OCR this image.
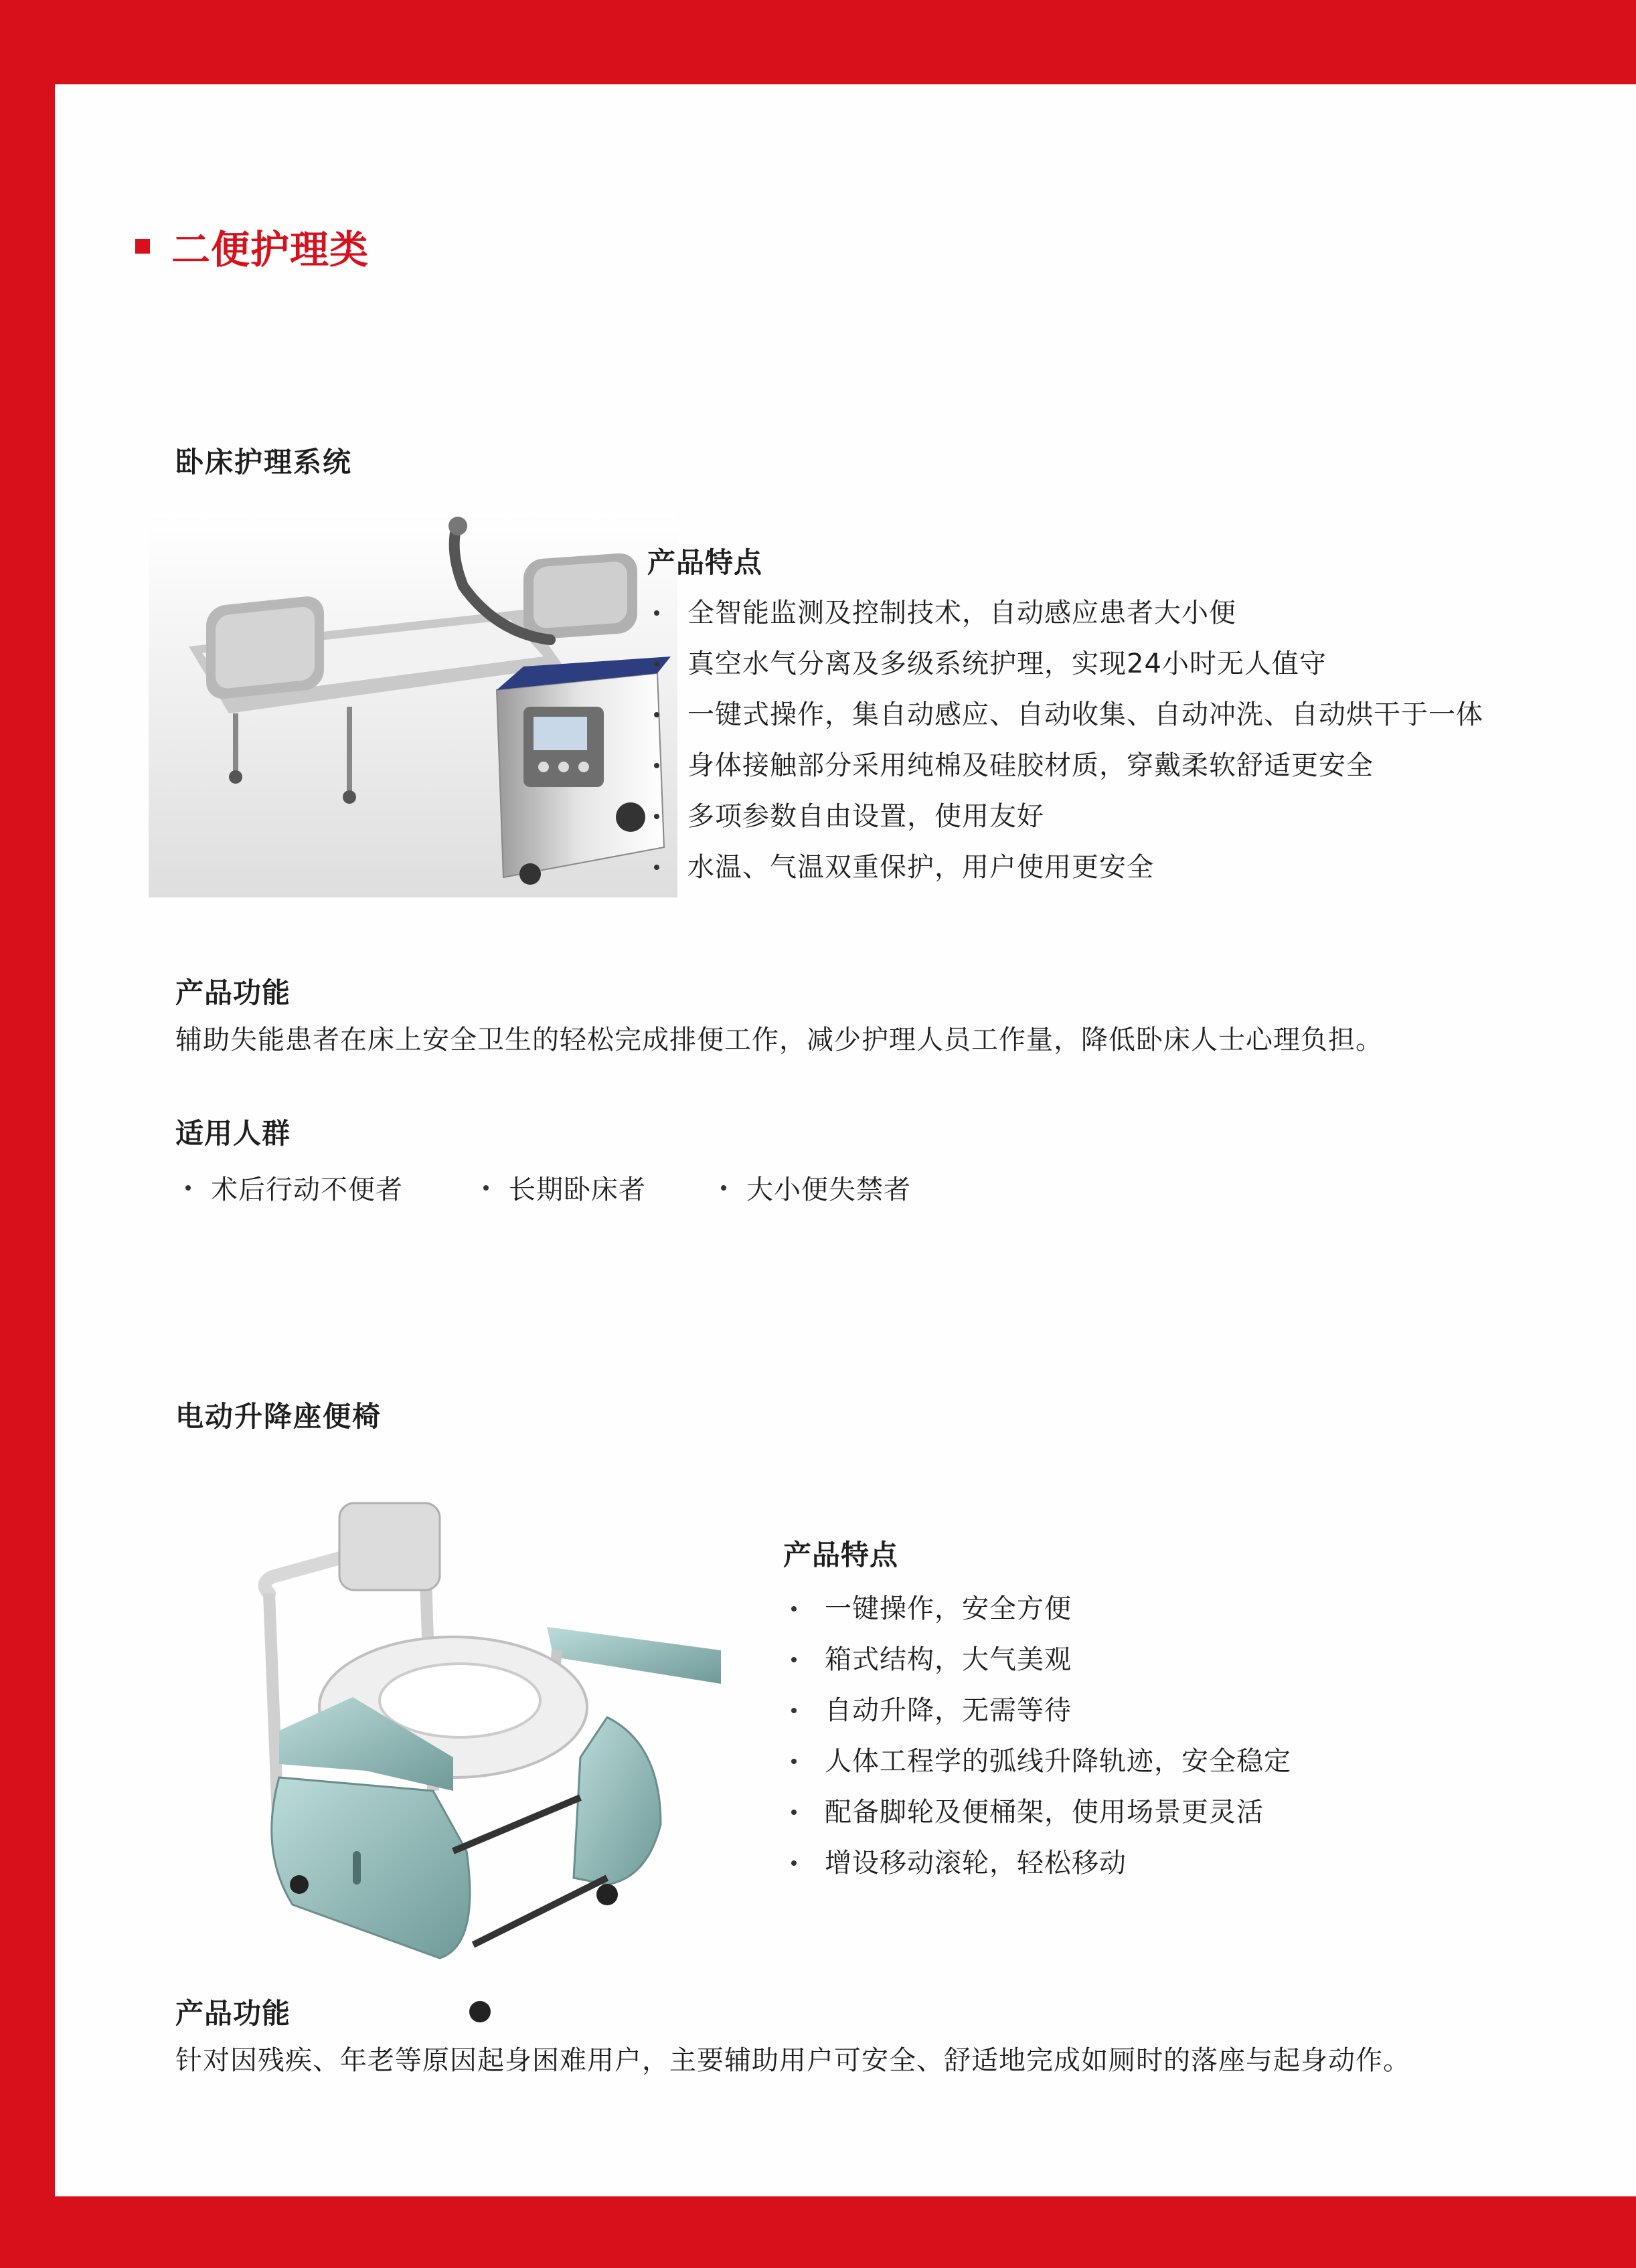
二便护理类
卧床护理系统
产品特点
全智能监测及控制技术，自动感应患者大小便
真空水气分离及多级系统护理，实现24小时无人值守
一键式操作，集自动感应、自动收集、自动冲洗、自动烘干于一体
身体接触部分采用纯棉及硅胶材质，穿戴柔软舒适更安全
多项参数自由设置，使用友好
水温、气温双重保护，用户使用更安全
产品功能
辅助失能患者在床上安全卫生的轻松完成排便工作，减少护理人员工作量，降低卧床人士心理负担。
适用人群
术后行动不便者	长期卧床者	大小便失禁者
电动升降座便椅
产品特点
一键操作，安全方便
箱式结构，大气美观
自动升降，无需等待
人体工程学的弧线升降轨迹，安全稳定
配备脚轮及便桶架，使用场景更灵活
增设移动滚轮，轻松移动
产品功能
针对因残疾、年老等原因起身困难用户，主要辅助用户可安全、舒适地完成如厕时的落座与起身动作。
